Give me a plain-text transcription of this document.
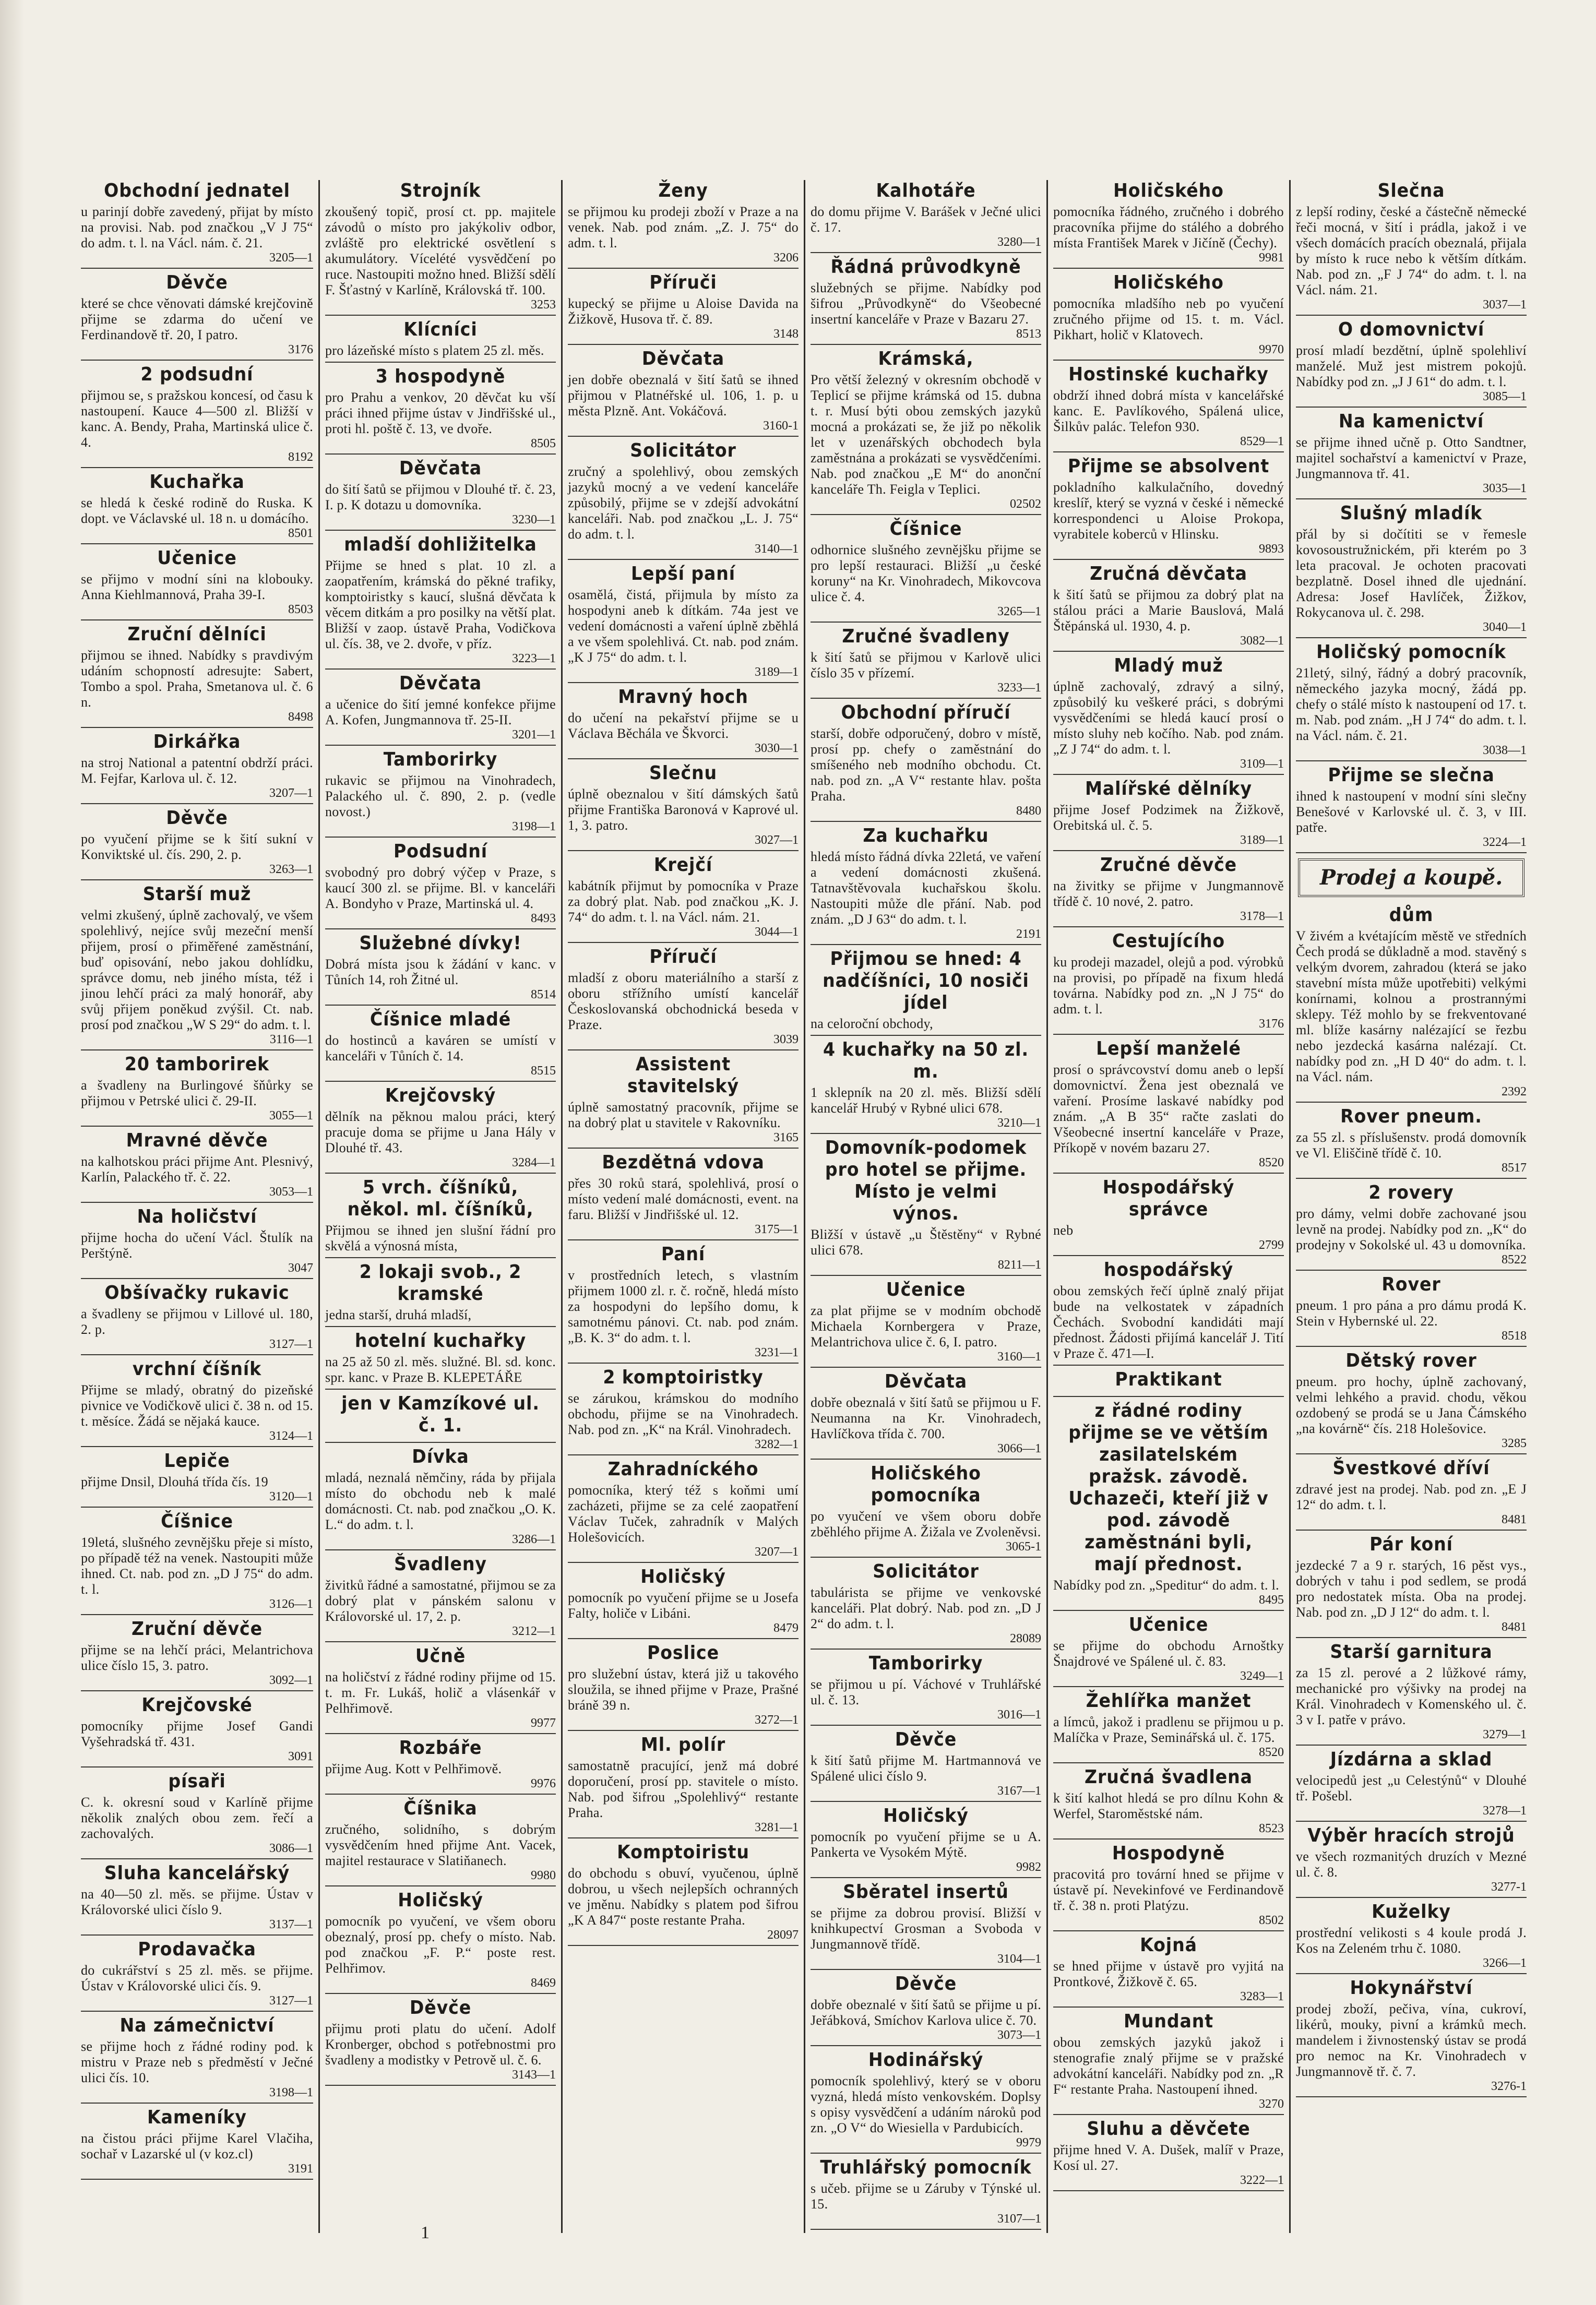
Obchodní jednatel

u parinjí dobře zavedený, přijat by místo na provisi. Nab. pod značkou „V J 75“ do adm. t. l. na Václ. nám. č. 21.

3205—1
Děvče

které se chce věnovati dámské krejčovině přijme se zdarma do učení ve Ferdinandově tř. 20, I patro.

3176
2 podsudní

přijmou se, s pražskou koncesí, od času k nastoupení. Kauce 4—500 zl. Bližší v kanc. A. Bendy, Praha, Martinská ulice č. 4.

8192
Kuchařka

se hledá k české rodině do Ruska. K dopt. ve Václavské ul. 18 n. u domácího.

8501
Učenice

se přijmo v modní síni na klobouky. Anna Kiehlmannová, Praha 39-I.

8503
Zruční dělníci

přijmou se ihned. Nabídky s pravdivým udáním schopností adresujte: Sabert, Tombo a spol. Praha, Smetanova ul. č. 6 n.

8498
Dirkářka

na stroj National a patentní obdrží práci. M. Fejfar, Karlova ul. č. 12.

3207—1
Děvče

po vyučení přijme se k šití sukní v Konviktské ul. čís. 290, 2. p.

3263—1
Starší muž

velmi zkušený, úplně zachovalý, ve všem spolehlivý, nejíce svůj mezeční menší přijem, prosí o přiměřené zaměstnání, buď opisování, nebo jakou dohlídku, správce domu, neb jiného místa, též i jinou lehčí práci za malý honorář, aby svůj přijem poněkud zvýšil. Ct. nab. prosí pod značkou „W S 29“ do adm. t. l.

3116—1
20 tamborirek

a švadleny na Burlingové šňůrky se přijmou v Petrské ulici č. 29-II.

3055—1
Mravné děvče

na kalhotskou práci přijme Ant. Plesnivý, Karlín, Palackého tř. č. 22.

3053—1
Na holičství

přijme hocha do učení Václ. Štulík na Perštýně.

3047
Obšívačky rukavic

a švadleny se přijmou v Lillové ul. 180, 2. p.

3127—1
vrchní číšník

Přijme se mladý, obratný do pizeňské pivnice ve Vodičkově ulici č. 38 n. od 15. t. měsíce. Žádá se nějaká kauce.

3124—1
Lepiče

přijme Dnsil, Dlouhá třída čís. 19

3120—1
Číšnice

19letá, slušného zevnějšku přeje si místo, po případě též na venek. Nastoupiti může ihned. Ct. nab. pod zn. „D J 75“ do adm. t. l.

3126—1
Zruční děvče

přijme se na lehčí práci, Melantrichova ulice číslo 15, 3. patro.

3092—1
Krejčovské

pomocníky přijme Josef Gandi Vyšehradská tř. 431.

3091
písaři

C. k. okresní soud v Karlíně přijme několik znalých obou zem. řečí a zachovalých.

3086—1
Sluha kancelářský

na 40—50 zl. měs. se přijme. Ústav v Královorské ulici číslo 9.

3137—1
Prodavačka

do cukrářství s 25 zl. měs. se přijme. Ústav v Královorské ulici čís. 9.

3127—1
Na zámečnictví

se přijme hoch z řádné rodiny pod. k mistru v Praze neb s předměstí v Ječné ulici čís. 10.

3198—1
Kameníky

na čistou práci přijme Karel Vlačiha, sochař v Lazarské ul (v koz.cl)

3191
Strojník

zkoušený topič, prosí ct. pp. majitele závodů o místo pro jakýkoliv odbor, zvláště pro elektrické osvětlení s akumulátory. Vícelété vysvědčení po ruce. Nastoupiti možno hned. Bližší sdělí F. Šťastný v Karlíně, Královská tř. 100.

3253
Klícníci

pro lázeňské místo s platem 25 zl. měs.

3 hospodyně

pro Prahu a venkov, 20 děvčat ku vší práci ihned přijme ústav v Jindřišské ul., proti hl. poště č. 13, ve dvoře.

8505
Děvčata

do šití šatů se přijmou v Dlouhé tř. č. 23, I. p. K dotazu u domovníka.

3230—1
mladší dohližitelka

Přijme se hned s plat. 10 zl. a zaopatřením, krámská do pěkné trafiky, komptoiristky s kaucí, slušná děvčata k věcem ditkám a pro posilky na větší plat. Bližší v zaop. ústavě Praha, Vodičkova ul. čís. 38, ve 2. dvoře, v příz.

3223—1
Děvčata

a učenice do šití jemné konfekce přijme A. Kofen, Jungmannova tř. 25-II.

3201—1
Tamborirky

rukavic se přijmou na Vinohradech, Palackého ul. č. 890, 2. p. (vedle novost.)

3198—1
Podsudní

svobodný pro dobrý výčep v Praze, s kaucí 300 zl. se přijme. Bl. v kanceláři A. Bondyho v Praze, Martinská ul. 4.

8493
Služebné dívky!

Dobrá místa jsou k žádání v kanc. v Tůních 14, roh Žitné ul.

8514
Číšnice mladé

do hostinců a kaváren se umístí v kanceláři v Tůních č. 14.

8515
Krejčovský

dělník na pěknou malou práci, který pracuje doma se přijme u Jana Hály v Dlouhé tř. 43.

3284—1
5 vrch. číšníků, někol. ml. číšníků,

Přijmou se ihned jen slušní řádní pro skvělá a výnosná místa,

2 lokaji svob., 2 kramské

jedna starší, druhá mladší,

hotelní kuchařky

na 25 až 50 zl. měs. služné. Bl. sd. konc. spr. kanc. v Praze B. KLEPETÁŘE

jen v Kamzíkové ul. č. 1.
Dívka

mladá, neznalá němčiny, ráda by přijala místo do obchodu neb k malé domácnosti. Ct. nab. pod značkou „O. K. L.“ do adm. t. l.

3286—1
Švadleny

živitků řádné a samostatné, přijmou se za dobrý plat v pánském salonu v Královorské ul. 17, 2. p.

3212—1
Učně

na holičství z řádné rodiny přijme od 15. t. m. Fr. Lukáš, holič a vlásenkář v Pelhřimově.

9977
Rozbáře

přijme Aug. Kott v Pelhřimově.

9976
Číšnika

zručného, solidního, s dobrým vysvědčením hned přijme Ant. Vacek, majitel restaurace v Slatiňanech.

9980
Holičský

pomocník po vyučení, ve všem oboru obeznalý, prosí pp. chefy o místo. Nab. pod značkou „F. P.“ poste rest. Pelhřimov.

8469
Děvče

přijmu proti platu do učení. Adolf Kronberger, obchod s potřebnostmi pro švadleny a modistky v Petrově ul. č. 6.

3143—1
Ženy

se přijmou ku prodeji zboží v Praze a na venek. Nab. pod znám. „Z. J. 75“ do adm. t. l.

3206
Příruči

kupecký se přijme u Aloise Davida na Žižkově, Husova tř. č. 89.

3148
Děvčata

jen dobře obeznalá v šití šatů se ihned přijmou v Platnéřské ul. 106, 1. p. u města Plzně. Ant. Vokáčová.

3160-1
Solicitátor

zručný a spolehlivý, obou zemských jazyků mocný a ve vedení kanceláře způsobilý, přijme se v zdejší advokátní kanceláři. Nab. pod značkou „L. J. 75“ do adm. t. l.

3140—1
Lepší paní

osamělá, čistá, přijmula by místo za hospodyni aneb k dítkám. 74a jest ve vedení domácnosti a vaření úplně zběhlá a ve všem spolehlivá. Ct. nab. pod znám. „K J 75“ do adm. t. l.

3189—1
Mravný hoch

do učení na pekařství přijme se u Václava Běchála ve Škvorci.

3030—1
Slečnu

úplně obeznalou v šití dámských šatů přijme Františka Baronová v Kaprové ul. 1, 3. patro.

3027—1
Krejčí

kabátník přijmut by pomocníka v Praze za dobrý plat. Nab. pod značkou „K. J. 74“ do adm. t. l. na Václ. nám. 21.

3044—1
Příručí

mladší z oboru materiálního a starší z oboru střížního umístí kancelář Českoslovanská obchodnická beseda v Praze.

3039
Assistent stavitelský

úplně samostatný pracovník, přijme se na dobrý plat u stavitele v Rakovníku.

3165
Bezdětná vdova

přes 30 roků stará, spolehlivá, prosí o místo vedení malé domácnosti, event. na faru. Bližší v Jindřišské ul. 12.

3175—1
Paní

v prostředních letech, s vlastním přijmem 1000 zl. r. č. ročně, hledá místo za hospodyni do lepšího domu, k samotnému pánovi. Ct. nab. pod znám. „B. K. 3“ do adm. t. l.

3231—1
2 komptoiristky

se zárukou, krámskou do modního obchodu, přijme se na Vinohradech. Nab. pod zn. „K“ na Král. Vinohradech.

3282—1
Zahradníckého

pomocníka, který též s koňmi umí zacházeti, přijme se za celé zaopatření Václav Tuček, zahradník v Malých Holešovicích.

3207—1
Holičský

pomocník po vyučení přijme se u Josefa Falty, holiče v Libáni.

8479
Poslice

pro služební ústav, která již u takového sloužila, se ihned přijme v Praze, Prašné bráně 39 n.

3272—1
Ml. polír

samostatně pracující, jenž má dobré doporučení, prosí pp. stavitele o místo. Nab. pod šifrou „Spolehlivý“ restante Praha.

3281—1
Komptoiristu

do obchodu s obuví, vyučenou, úplně dobrou, u všech nejlepších ochranných ve jměnu. Nabídky s platem pod šifrou „K A 847“ poste restante Praha.

28097
Kalhotáře

do domu přijme V. Barášek v Ječné ulici č. 17.

3280—1
Řádná průvodkyně

služebných se přijme. Nabídky pod šifrou „Průvodkyně“ do Všeobecné insertní kanceláře v Praze v Bazaru 27.

8513
Krámská,

Pro větší železný v okresním obchodě v Teplicí se přijme krámská od 15. dubna t. r. Musí býti obou zemských jazyků mocná a prokázati se, že již po několik let v uzenářských obchodech byla zaměstnána a prokázati se vysvědčeními. Nab. pod značkou „E M“ do anonční kanceláře Th. Feigla v Teplici.

02502
Číšnice

odhornice slušného zevnějšku přijme se pro lepší restauraci. Bližší „u české koruny“ na Kr. Vinohradech, Mikovcova ulice č. 4.

3265—1
Zručné švadleny

k šití šatů se přijmou v Karlově ulici číslo 35 v přízemí.

3233—1
Obchodní příručí

starší, dobře odporučený, dobro v místě, prosí pp. chefy o zaměstnání do smíšeného neb modního obchodu. Ct. nab. pod zn. „A V“ restante hlav. pošta Praha.

8480
Za kuchařku

hledá místo řádná dívka 22letá, ve vaření a vedení domácnosti zkušená. Tatnavštěvovala kuchařskou školu. Nastoupiti může dle přání. Nab. pod znám. „D J 63“ do adm. t. l.

2191
Přijmou se hned: 4 nadčíšníci, 10 nosiči jídel

na celoroční obchody,

4 kuchařky na 50 zl. m.

1 sklepník na 20 zl. měs. Bližší sdělí kancelář Hrubý v Rybné ulici 678.

3210—1
Domovník-podomek pro hotel se přijme. Místo je velmi výnos.

Bližší v ústavě „u Štěstěny“ v Rybné ulici 678.

8211—1
Učenice

za plat přijme se v modním obchodě Michaela Kornbergera v Praze, Melantrichova ulice č. 6, I. patro.

3160—1
Děvčata

dobře obeznalá v šití šatů se přijmou u F. Neumanna na Kr. Vinohradech, Havlíčkova třída č. 700.

3066—1
Holičského pomocníka

po vyučení ve všem oboru dobře zběhlého přijme A. Žižala ve Zvoleněvsi.

3065-1
Solicitátor

tabulárista se přijme ve venkovské kanceláři. Plat dobrý. Nab. pod zn. „D J 2“ do adm. t. l.

28089
Tamborirky

se přijmou u pí. Váchové v Truhlářské ul. č. 13.

3016—1
Děvče

k šití šatů přijme M. Hartmannová ve Spálené ulici číslo 9.

3167—1
Holičský

pomocník po vyučení přijme se u A. Pankerta ve Vysokém Mýtě.

9982
Sběratel insertů

se přijme za dobrou provisí. Bližší v knihkupectví Grosman a Svoboda v Jungmannově třídě.

3104—1
Děvče

dobře obeznalé v šití šatů se přijme u pí. Jeřábková, Smíchov Karlova ulice č. 70.

3073—1
Hodinářský

pomocník spolehlivý, který se v oboru vyzná, hledá místo venkovském. Doplsy s opisy vysvědčení a udáním nároků pod zn. „O V“ do Wiesiella v Pardubicích.

9979
Truhlářský pomocník

s učeb. přijme se u Záruby v Týnské ul. 15.

3107—1
Holičského

pomocníka řádného, zručného i dobrého pracovníka přijme do stálého a dobrého místa František Marek v Jičíně (Čechy).

9981
Holičského

pomocníka mladšího neb po vyučení zručného přijme od 15. t. m. Václ. Pikhart, holič v Klatovech.

9970
Hostinské kuchařky

obdrží ihned dobrá místa v kancelářské kanc. E. Pavlíkového, Spálená ulice, Šilkův palác. Telefon 930.

8529—1
Přijme se absolvent

pokladního kalkulačního, dovedný kreslíř, který se vyzná v české i německé korrespondenci u Aloise Prokopa, vyrabitele koberců v Hlinsku.

9893
Zručná děvčata

k šití šatů se přijmou za dobrý plat na stálou práci a Marie Bauslová, Malá Štěpánská ul. 1930, 4. p.

3082—1
Mladý muž

úplně zachovalý, zdravý a silný, způsobilý ku veškeré práci, s dobrými vysvědčeními se hledá kaucí prosí o místo sluhy neb kočího. Nab. pod znám. „Z J 74“ do adm. t. l.

3109—1
Malířské dělníky

přijme Josef Podzimek na Žižkově, Orebitská ul. č. 5.

3189—1
Zručné děvče

na živitky se přijme v Jungmannově třídě č. 10 nové, 2. patro.

3178—1
Cestujícího

ku prodeji mazadel, olejů a pod. výrobků na provisi, po případě na fixum hledá továrna. Nabídky pod zn. „N J 75“ do adm. t. l.

3176
Lepší manželé

prosí o správcovství domu aneb o lepší domovnictví. Žena jest obeznalá ve vaření. Prosíme laskavé nabídky pod znám. „A B 35“ račte zaslati do Všeobecné insertní kanceláře v Praze, Příkopě v novém bazaru 27.

8520
Hospodářský správce

neb

2799
hospodářský

obou zemských řečí úplně znalý přijat bude na velkostatek v západních Čechách. Svobodní kandidáti mají přednost. Žádosti přijímá kancelář J. Tití v Praze č. 471—I.

Praktikant
z řádné rodiny přijme se ve větším zasilatelském pražsk. závodě. Uchazeči, kteří již v pod. závodě zaměstnáni byli, mají přednost.

Nabídky pod zn. „Speditur“ do adm. t. l.

8495
Učenice

se přijme do obchodu Arnoštky Šnajdrové ve Spálené ul. č. 83.

3249—1
Žehlířka manžet

a límců, jakož i pradlenu se přijmou u p. Malíčka v Praze, Seminářská ul. č. 175.

8520
Zručná švadlena

k šití kalhot hledá se pro dílnu Kohn & Werfel, Staroměstské nám.

8523
Hospodyně

pracovitá pro tovární hned se přijme v ústavě pí. Nevekinfové ve Ferdinandově tř. č. 38 n. proti Platýzu.

8502
Kojná

se hned přijme v ústavě pro vyjitá na Prontkové, Žižkově č. 65.

3283—1
Mundant

obou zemských jazyků jakož i stenografie znalý přijme se v pražské advokátní kanceláři. Nabídky pod zn. „R F“ restante Praha. Nastoupení ihned.

3270
Sluhu a děvčete

přijme hned V. A. Dušek, malíř v Praze, Kosí ul. 27.

3222—1
Slečna

z lepší rodiny, české a částečně německé řeči mocná, v šití i prádla, jakož i ve všech domácích pracích obeznalá, přijala by místo k ruce nebo k větším dítkám. Nab. pod zn. „F J 74“ do adm. t. l. na Václ. nám. 21.

3037—1
O domovnictví

prosí mladí bezdětní, úplně spolehliví manželé. Muž jest mistrem pokojů. Nabídky pod zn. „J J 61“ do adm. t. l.

3085—1
Na kamenictví

se přijme ihned učně p. Otto Sandtner, majitel sochařství a kamenictví v Praze, Jungmannova tř. 41.

3035—1
Slušný mladík

přál by si dočítiti se v řemesle kovosoustružnickém, při kterém po 3 leta pracoval. Je ochoten pracovati bezplatně. Dosel ihned dle ujednání. Adresa: Josef Havlíček, Žižkov, Rokycanova ul. č. 298.

3040—1
Holičský pomocník

21letý, silný, řádný a dobrý pracovník, německého jazyka mocný, žádá pp. chefy o stálé místo k nastoupení od 17. t. m. Nab. pod znám. „H J 74“ do adm. t. l. na Václ. nám. č. 21.

3038—1
Přijme se slečna

ihned k nastoupení v modní síni slečny Benešové v Karlovské ul. č. 3, v III. patře.

3224—1
Prodej a koupě.
dům

V živém a kvétajícím městě ve středních Čech prodá se důkladně a mod. stavěný s velkým dvorem, zahradou (která se jako stavební místa může upotřebiti) velkými konírnami, kolnou a prostrannými sklepy. Též mohlo by se frekventované ml. blíže kasárny nalézající se řezbu nebo jezdecká kasárna nalézají. Ct. nabídky pod zn. „H D 40“ do adm. t. l. na Václ. nám.

2392
Rover pneum.

za 55 zl. s příslušenstv. prodá domovník ve Vl. Eliščině třídě č. 10.

8517
2 rovery

pro dámy, velmi dobře zachované jsou levně na prodej. Nabídky pod zn. „K“ do prodejny v Sokolské ul. 43 u domovníka.

8522
Rover

pneum. 1 pro pána a pro dámu prodá K. Stein v Hybernské ul. 22.

8518
Dětský rover

pneum. pro hochy, úplně zachovaný, velmi lehkého a pravid. chodu, věkou ozdobený se prodá se u Jana Čámského „na kovárně“ čís. 218 Holešovice.

3285
Švestkové dříví

zdravé jest na prodej. Nab. pod zn. „E J 12“ do adm. t. l.

8481
Pár koní

jezdecké 7 a 9 r. starých, 16 pěst vys., dobrých v tahu i pod sedlem, se prodá pro nedostatek místa. Oba na prodej. Nab. pod zn. „D J 12“ do adm. t. l.

8481
Starší garnitura

za 15 zl. perové a 2 lůžkové rámy, mechanické pro výšivky na prodej na Král. Vinohradech v Komenského ul. č. 3 v I. patře v právo.

3279—1
Jízdárna a sklad

velocipedů jest „u Celestýnů“ v Dlouhé tř. Pošebl.

3278—1
Výběr hracích strojů

ve všech rozmanitých druzích v Mezné ul. č. 8.

3277-1
Kuželky

prostřední velikosti s 4 koule prodá J. Kos na Zeleném trhu č. 1080.

3266—1
Hokynářství

prodej zboží, pečiva, vína, cukroví, likérů, mouky, pivní a krámků mech. mandelem i živnostenský ústav se prodá pro nemoc na Kr. Vinohradech v Jungmannově tř. č. 7.

3276-1
1
